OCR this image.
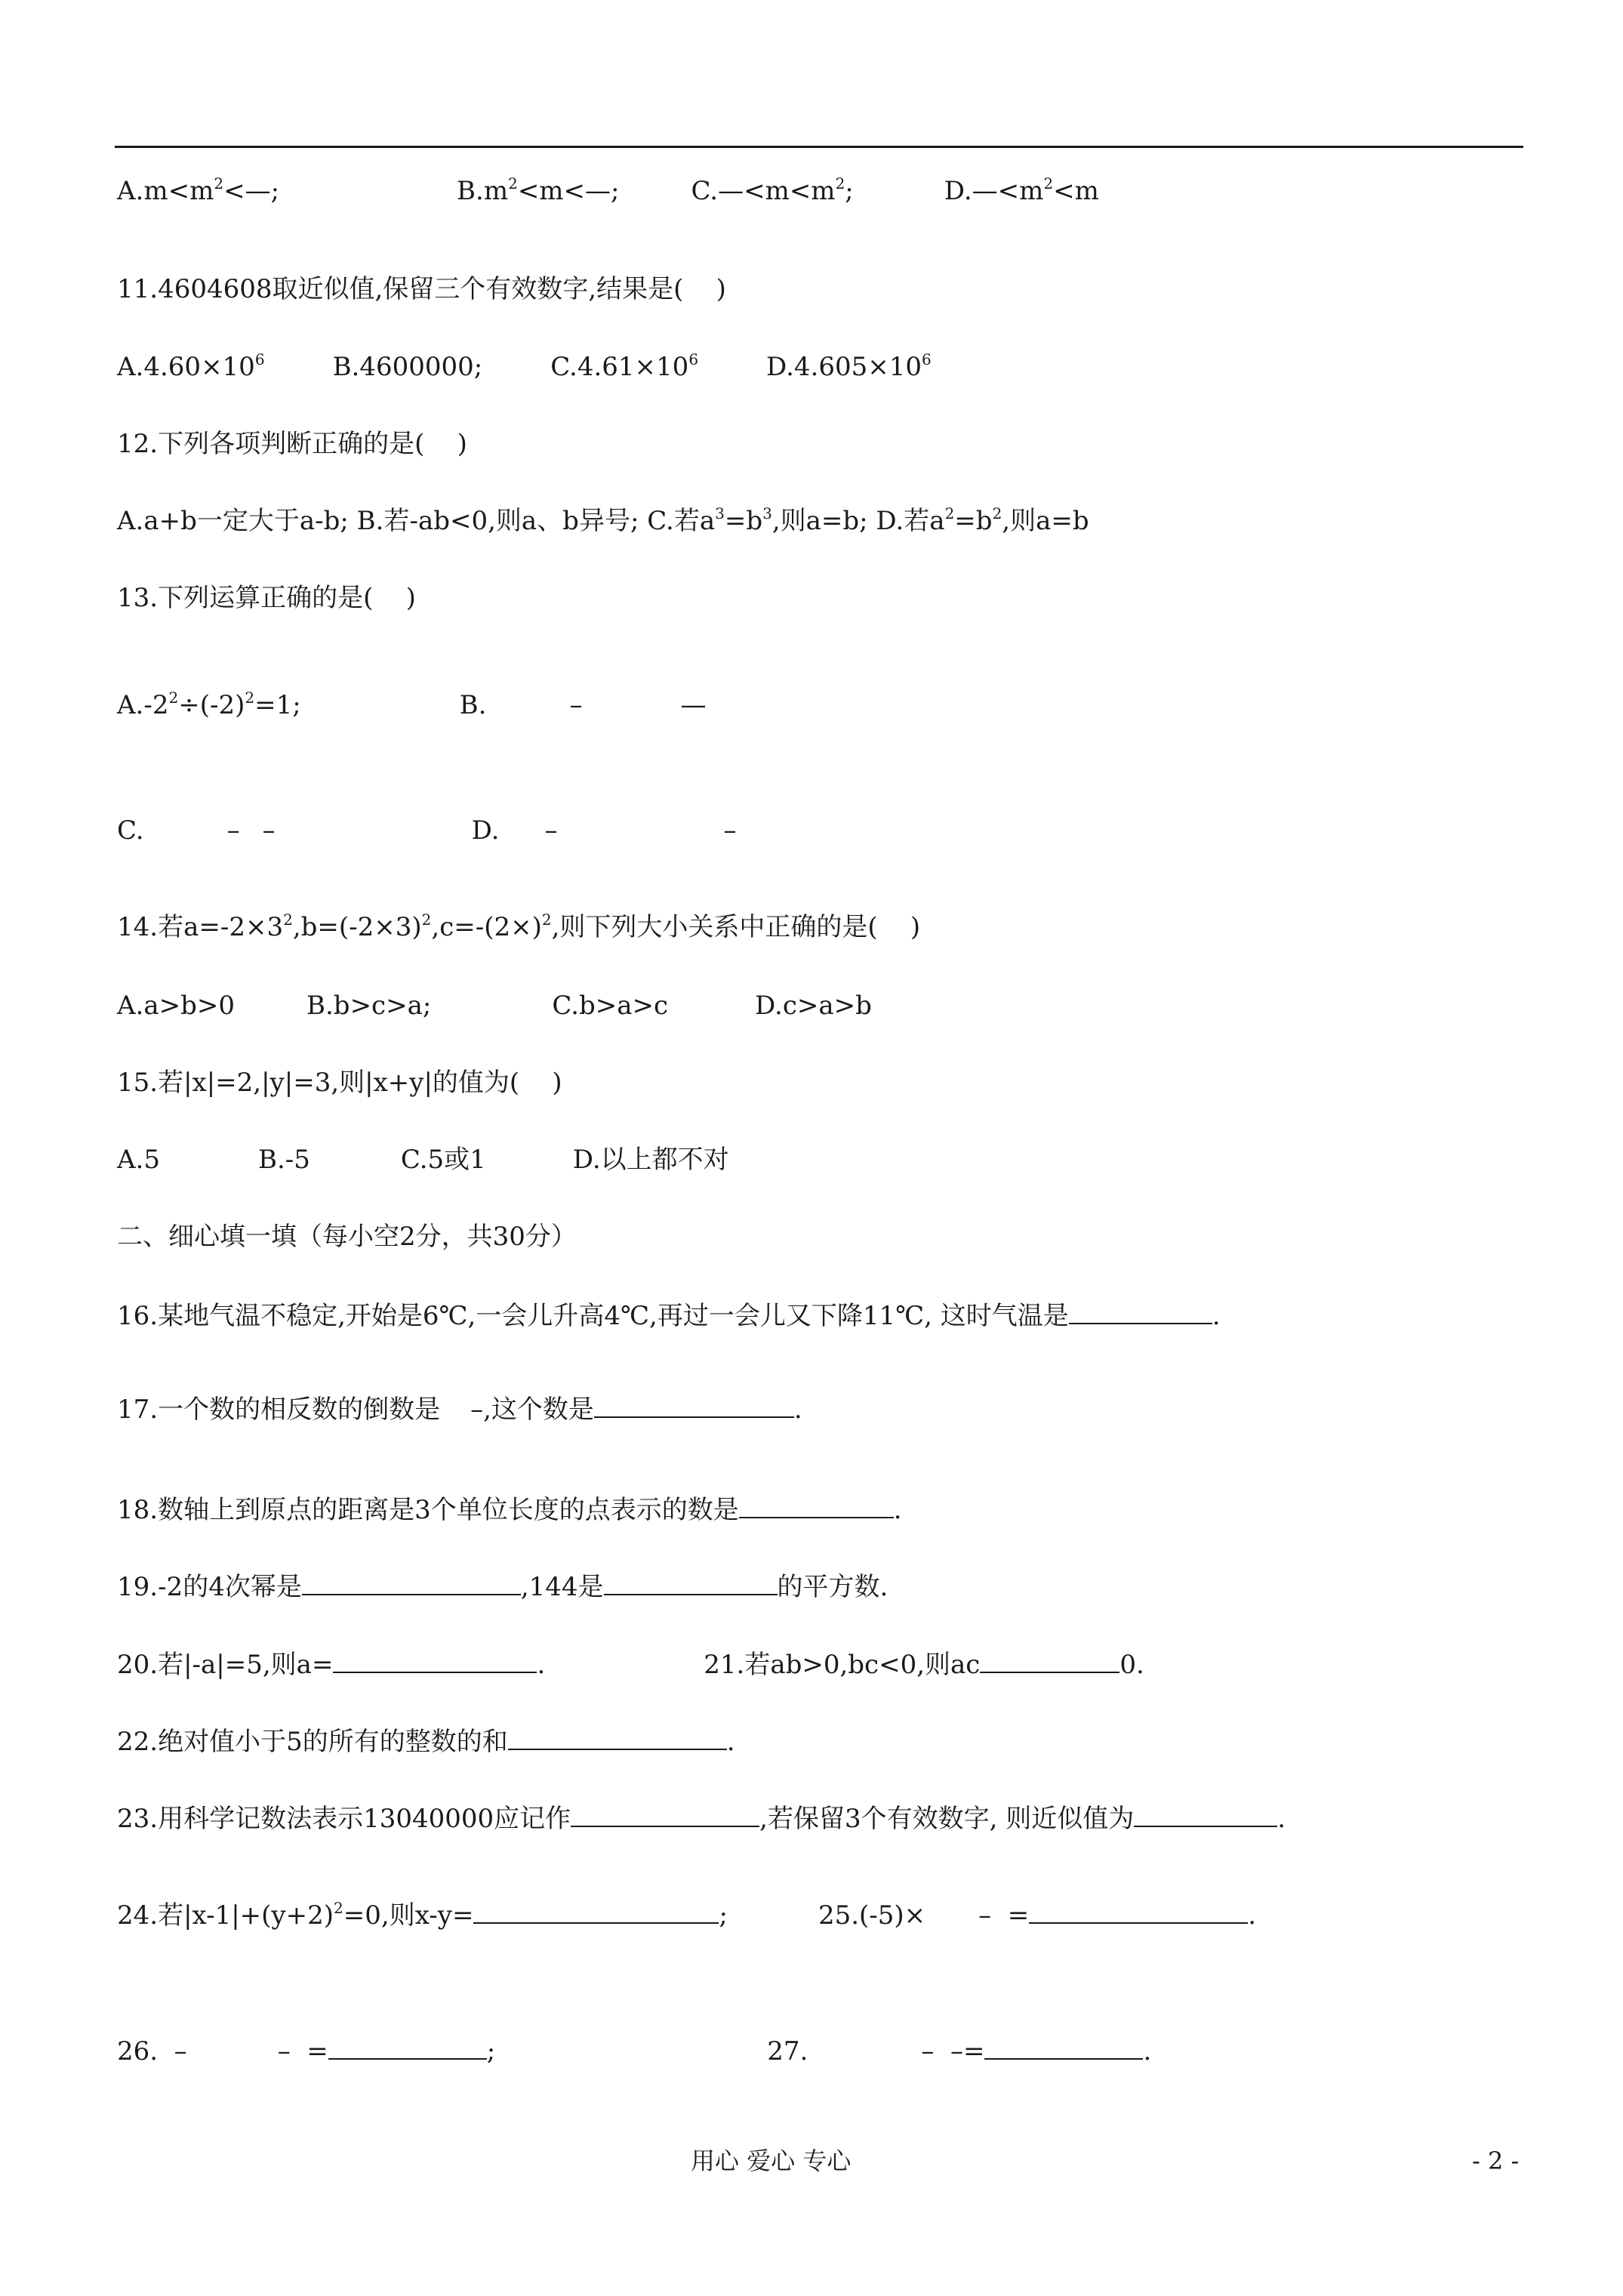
$A.m<m^2<—$;	$B.m^2<m<—$;	$C.—<m<m^2$;	$D.—<m^2<m$
11.4604608取近似值,保留三个有效数字,结果是(    )
$A.4.60\times 10^6$	B.4600000;	$C.4.61\times 10^6$	$D.4.605\times 10^6$
12.下列各项判断正确的是(    )
A.a+b一定大于a-b; B.若-ab<0,则a、b异号; C.若$a^3=b^3$,则a=b; D.若$a^2=b^2$,则a=b
13.下列运算正确的是(    )
$A.-2^2\div(-2)^2=1$;	B.	–	—
C.	– –	D. –	–
14.若$a=-2\times 3^2,b=(-2\times 3)^2,c=-(2\times)^2$,则下列大小关系中正确的是(    )
A.a>b>0	B.b>c>a;	C.b>a>c	D.c>a>b
15.若|x|=2,|y|=3,则|x+y|的值为(    )
A.5	B.-5	C.5或1	D.以上都不对
二、细心填一填（每小空2分，共30分）
16.某地气温不稳定,开始是6℃,一会儿升高4℃,再过一会儿又下降11℃, 这时气温是	.
17.一个数的相反数的倒数是 –,这个数是	.
18.数轴上到原点的距离是3个单位长度的点表示的数是	.
19.-2的4次幂是	,144是	的平方数.
20.若|-a|=5,则a=	.	21.若ab>0,bc<0,则ac	0.
22.绝对值小于5的所有的整数的和	.
23.用科学记数法表示13040000应记作	,若保留3个有效数字, 则近似值为	.
24.若$|x-1|+(y+2)^2=0$,则x-y=	;	25.(-5)× –  =	.
26.  –	–  =	;	27.	–  –=	.
用心 爱心 专心	- 2 -
